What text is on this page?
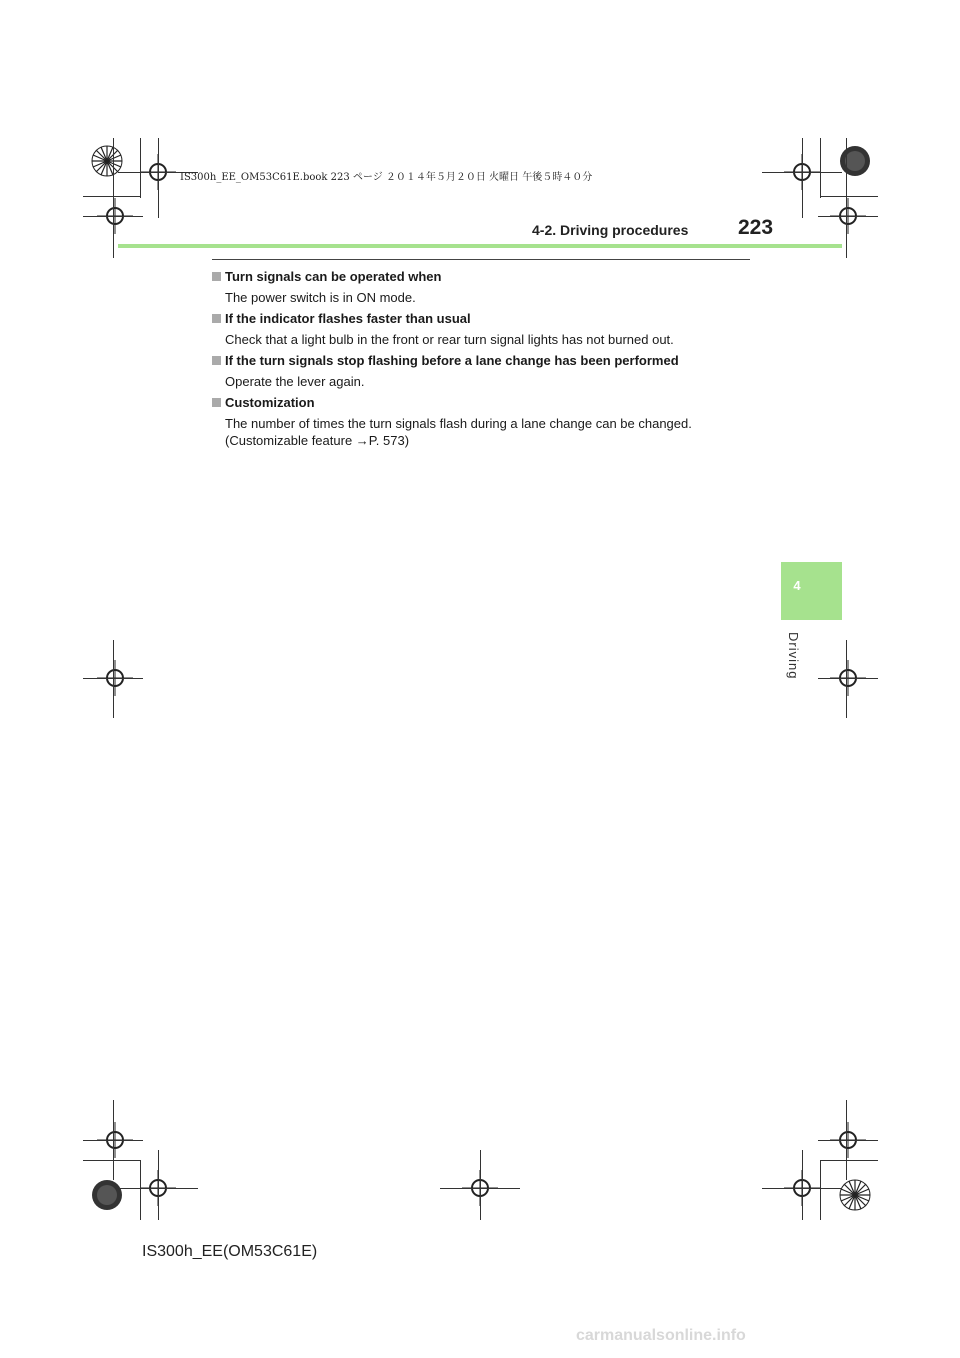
IS300h_EE_OM53C61E.book 223 ページ ２０１４年５月２０日 火曜日 午後５時４０分
4-2. Driving procedures 223
4
Driving
Turn signals can be operated when
The power switch is in ON mode.
If the indicator flashes faster than usual
Check that a light bulb in the front or rear turn signal lights has not burned out.
If the turn signals stop flashing before a lane change has been performed
Operate the lever again.
Customization
The number of times the turn signals flash during a lane change can be changed.
(Customizable feature →P. 573)
IS300h_EE(OM53C61E)
carmanualsonline.info
